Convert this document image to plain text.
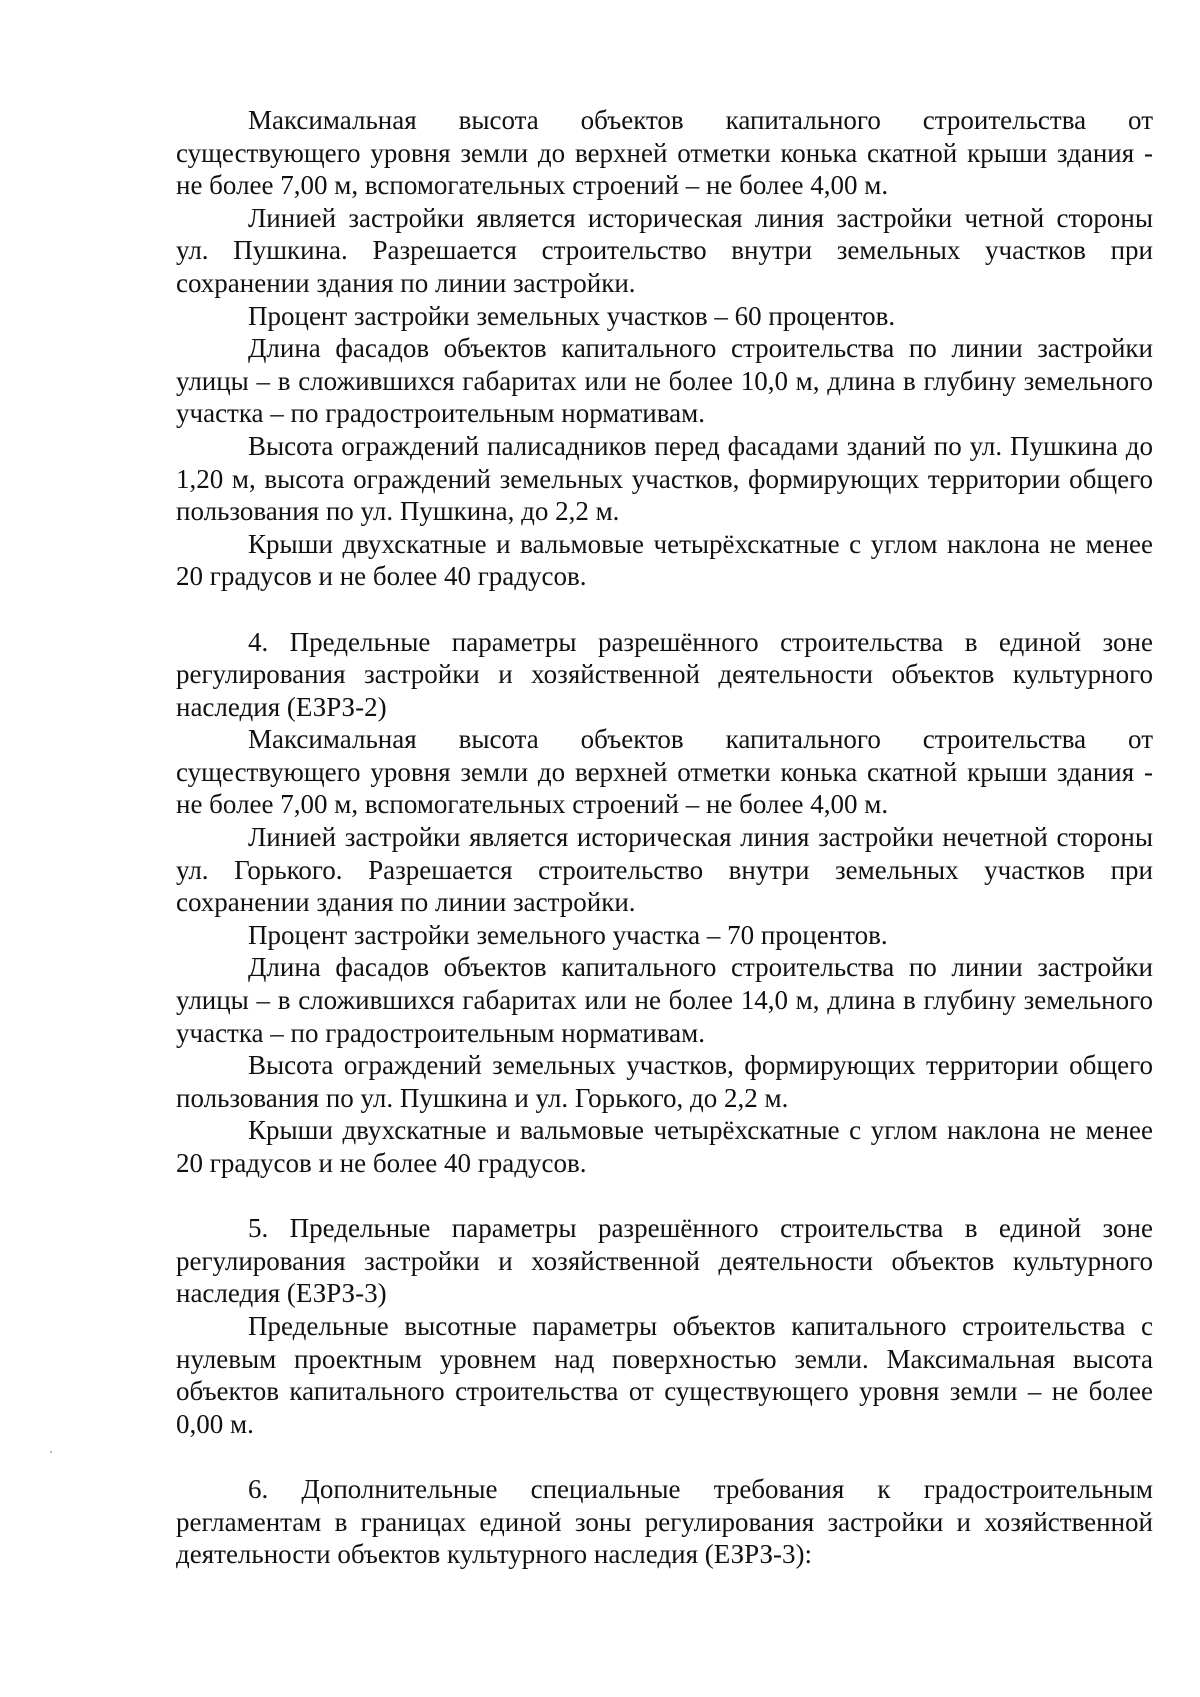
Максимальная высота объектов капитального строительства от существующего уровня земли до верхней отметки конька скатной крыши здания - не более 7,00 м, вспомогательных строений – не более 4,00 м.

Линией застройки является историческая линия застройки четной стороны ул. Пушкина. Разрешается строительство внутри земельных участков при сохранении здания по линии застройки.

Процент застройки земельных участков – 60 процентов.

Длина фасадов объектов капитального строительства по линии застройки улицы – в сложившихся габаритах или не более 10,0 м, длина в глубину земельного участка – по градостроительным нормативам.

Высота ограждений палисадников перед фасадами зданий по ул. Пушкина до 1,20 м, высота ограждений земельных участков, формирующих территории общего пользования по ул. Пушкина, до 2,2 м.

Крыши двухскатные и вальмовые четырёхскатные с углом наклона не менее 20 градусов и не более 40 градусов.

4. Предельные параметры разрешённого строительства в единой зоне регулирования застройки и хозяйственной деятельности объектов культурного наследия (ЕЗРЗ-2)

Максимальная высота объектов капитального строительства от существующего уровня земли до верхней отметки конька скатной крыши здания - не более 7,00 м, вспомогательных строений – не более 4,00 м.

Линией застройки является историческая линия застройки нечетной стороны ул. Горького. Разрешается строительство внутри земельных участков при сохранении здания по линии застройки.

Процент застройки земельного участка – 70 процентов.

Длина фасадов объектов капитального строительства по линии застройки улицы – в сложившихся габаритах или не более 14,0 м, длина в глубину земельного участка – по градостроительным нормативам.

Высота ограждений земельных участков, формирующих территории общего пользования по ул. Пушкина и ул. Горького, до 2,2 м.

Крыши двухскатные и вальмовые четырёхскатные с углом наклона не менее 20 градусов и не более 40 градусов.

5. Предельные параметры разрешённого строительства в единой зоне регулирования застройки и хозяйственной деятельности объектов культурного наследия (ЕЗРЗ-3)

Предельные высотные параметры объектов капитального строительства с нулевым проектным уровнем над поверхностью земли. Максимальная высота объектов капитального строительства от существующего уровня земли – не более 0,00 м.

6. Дополнительные специальные требования к градостроительным регламентам в границах единой зоны регулирования застройки и хозяйственной деятельности объектов культурного наследия (ЕЗРЗ-3):
